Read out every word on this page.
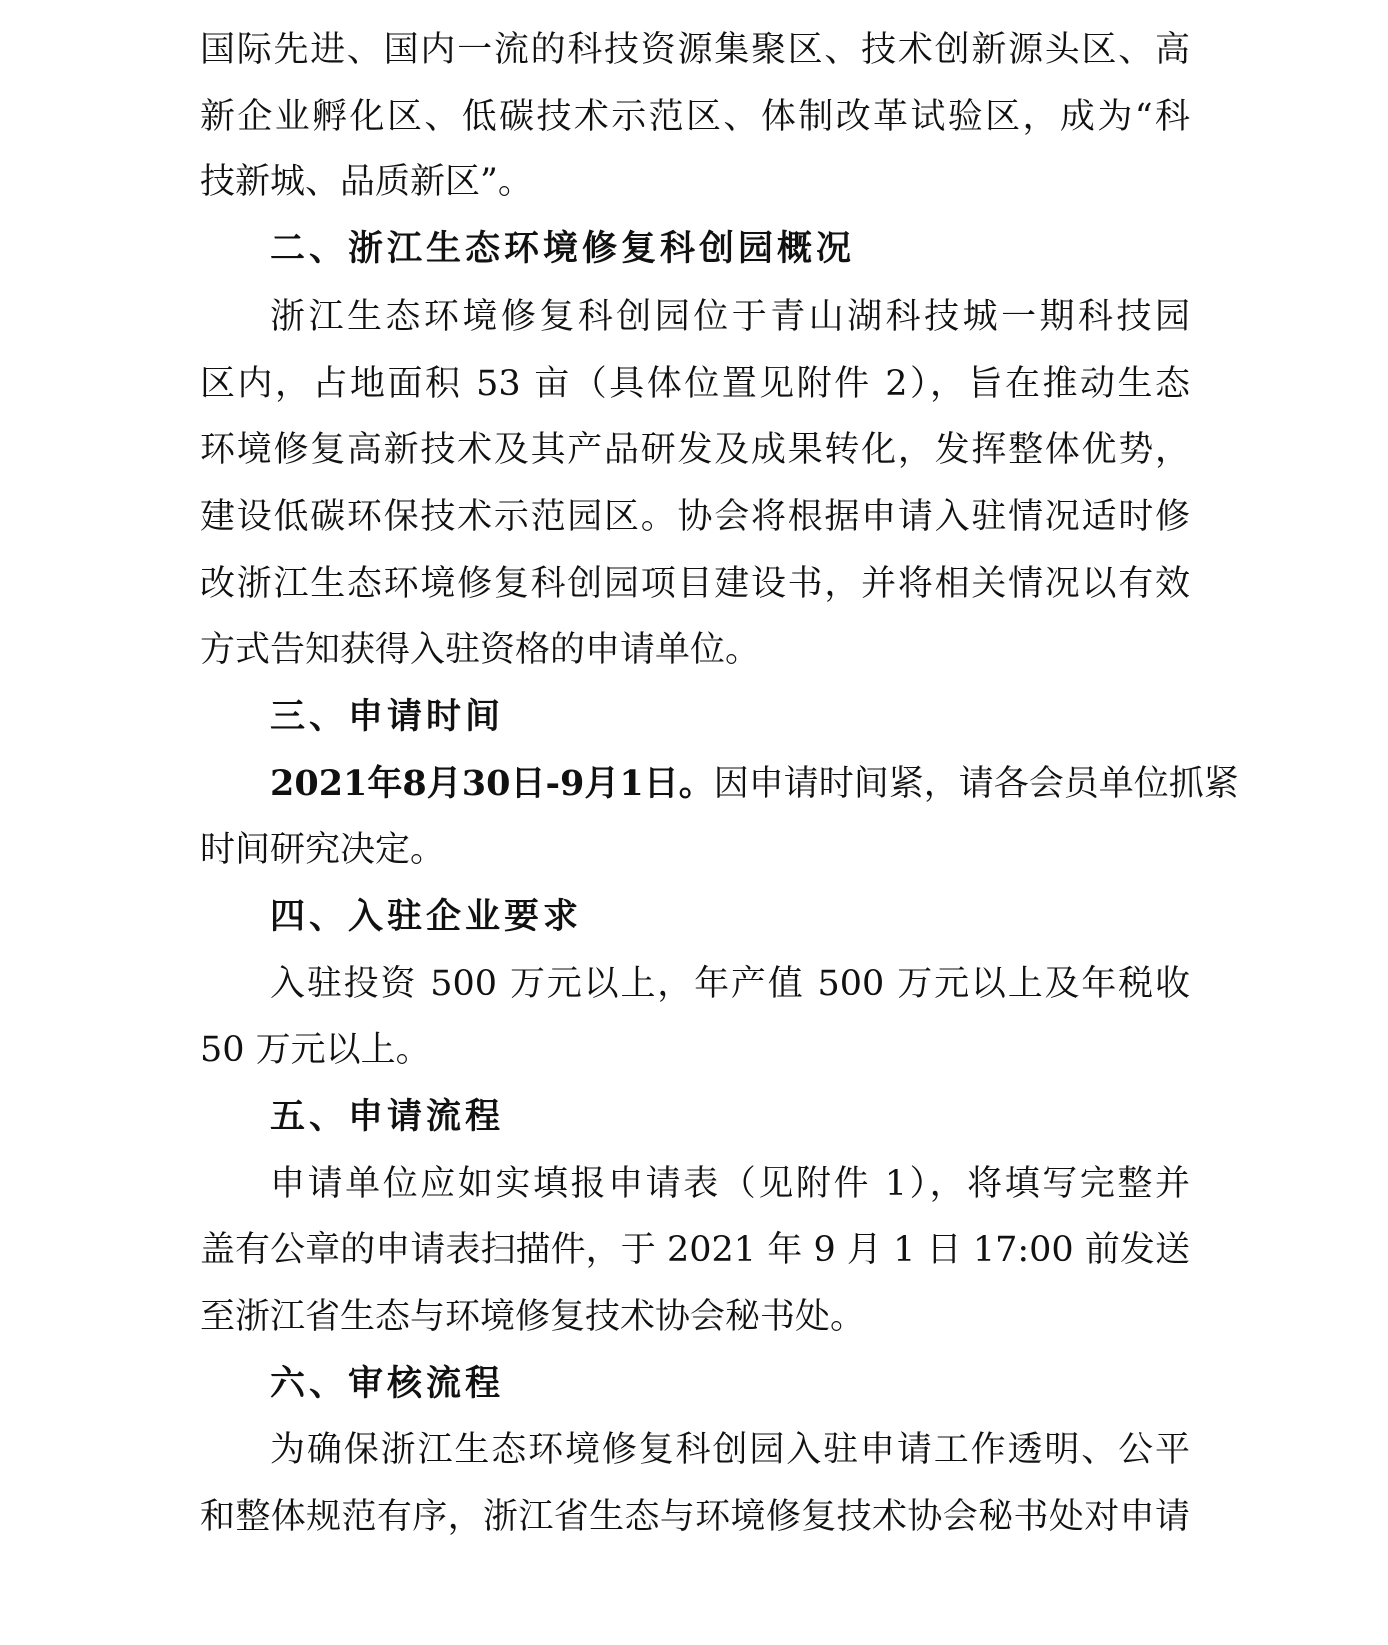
国际先进、国内一流的科技资源集聚区、技术创新源头区、高
新企业孵化区、低碳技术示范区、体制改革试验区，成为“科
技新城、品质新区”。
二、浙江生态环境修复科创园概况
浙江生态环境修复科创园位于青山湖科技城一期科技园
区内，占地面积 53 亩（具体位置见附件 2），旨在推动生态
环境修复高新技术及其产品研发及成果转化，发挥整体优势，
建设低碳环保技术示范园区。协会将根据申请入驻情况适时修
改浙江生态环境修复科创园项目建设书，并将相关情况以有效
方式告知获得入驻资格的申请单位。
三、申请时间
2021年8月30日-9月1日。因申请时间紧，请各会员单位抓紧
时间研究决定。
四、入驻企业要求
入驻投资 500 万元以上，年产值 500 万元以上及年税收
50 万元以上。
五、申请流程
申请单位应如实填报申请表（见附件 1），将填写完整并
盖有公章的申请表扫描件，于 2021 年 9 月 1 日 17:00 前发送
至浙江省生态与环境修复技术协会秘书处。
六、审核流程
为确保浙江生态环境修复科创园入驻申请工作透明、公平
和整体规范有序，浙江省生态与环境修复技术协会秘书处对申请
